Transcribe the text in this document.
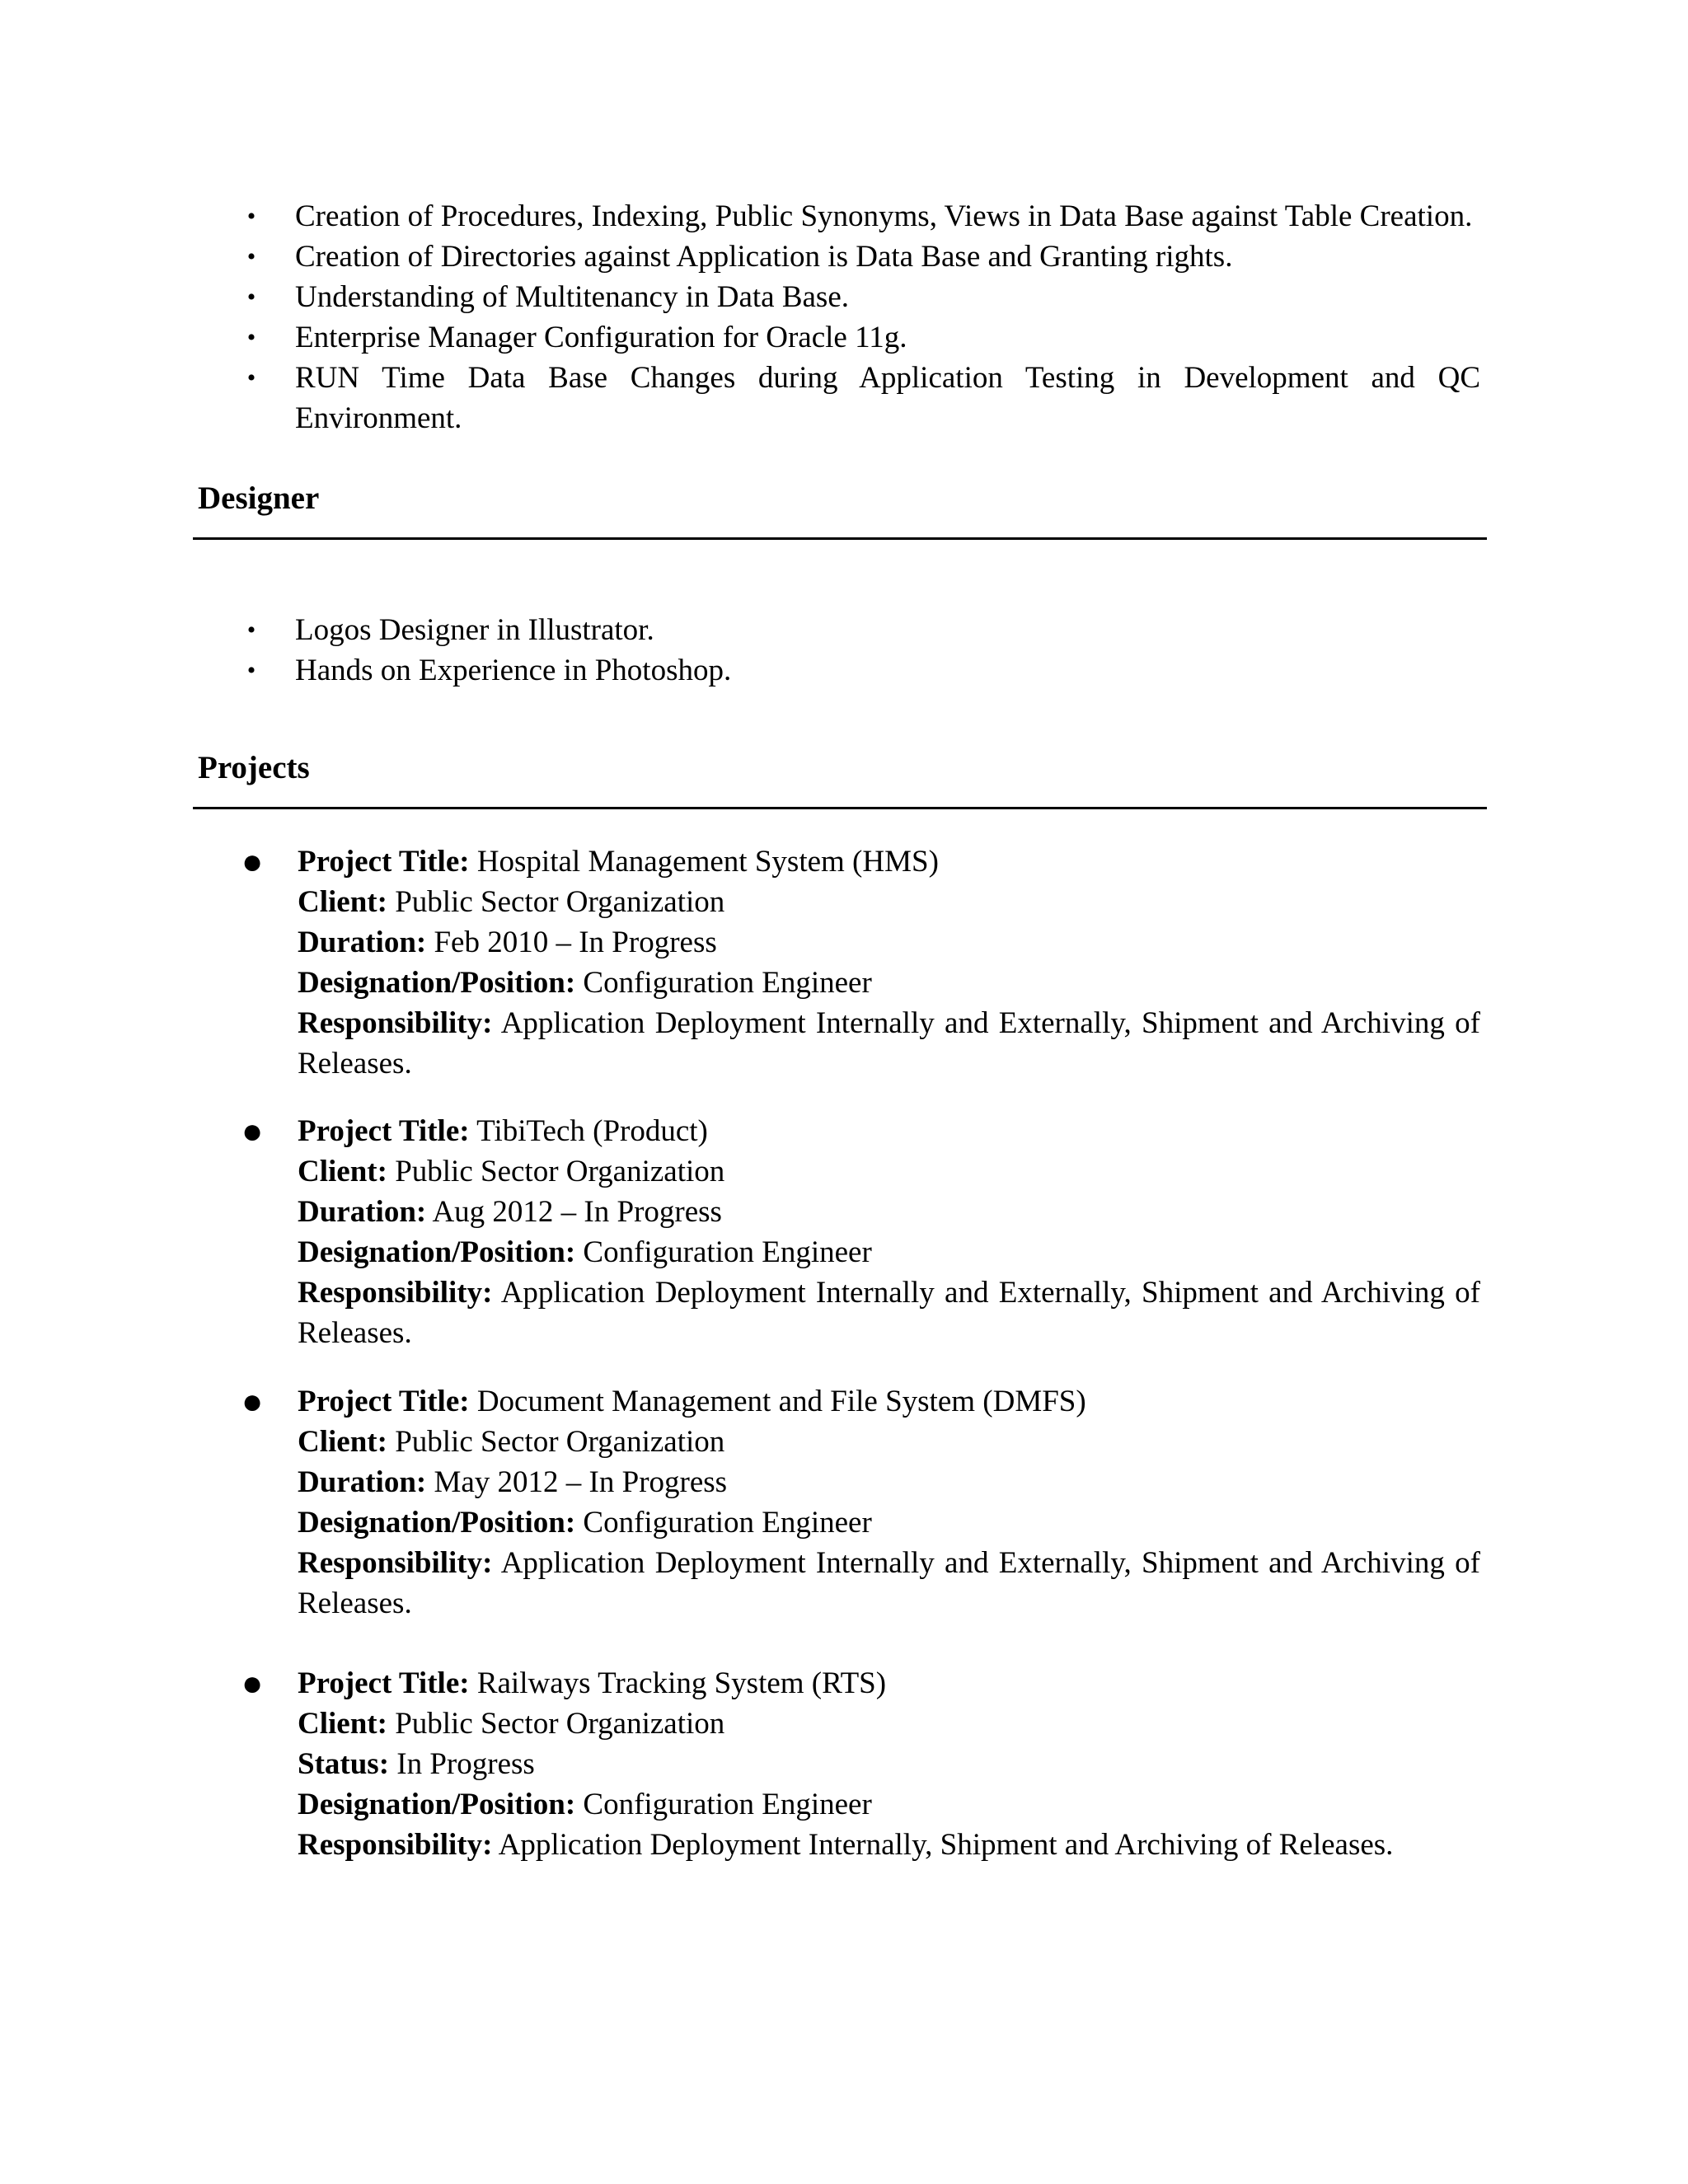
• Creation of Procedures, Indexing, Public Synonyms, Views in Data Base against Table Creation.
• Creation of Directories against Application is Data Base and Granting rights.
• Understanding of Multitenancy in Data Base.
• Enterprise Manager Configuration for Oracle 11g.
• RUN Time Data Base Changes during Application Testing in Development and QC Environment.
Designer
• Logos Designer in Illustrator.
• Hands on Experience in Photoshop.
Projects
● Project Title: Hospital Management System (HMS)
Client: Public Sector Organization
Duration: Feb 2010 – In Progress
Designation/Position: Configuration Engineer
Responsibility: Application Deployment Internally and Externally, Shipment and Archiving of Releases.
● Project Title: TibiTech (Product)
Client: Public Sector Organization
Duration: Aug 2012 – In Progress
Designation/Position: Configuration Engineer
Responsibility: Application Deployment Internally and Externally, Shipment and Archiving of Releases.
● Project Title: Document Management and File System (DMFS)
Client: Public Sector Organization
Duration: May 2012 – In Progress
Designation/Position: Configuration Engineer
Responsibility: Application Deployment Internally and Externally, Shipment and Archiving of Releases.
● Project Title: Railways Tracking System (RTS)
Client: Public Sector Organization
Status: In Progress
Designation/Position: Configuration Engineer
Responsibility: Application Deployment Internally, Shipment and Archiving of Releases.
